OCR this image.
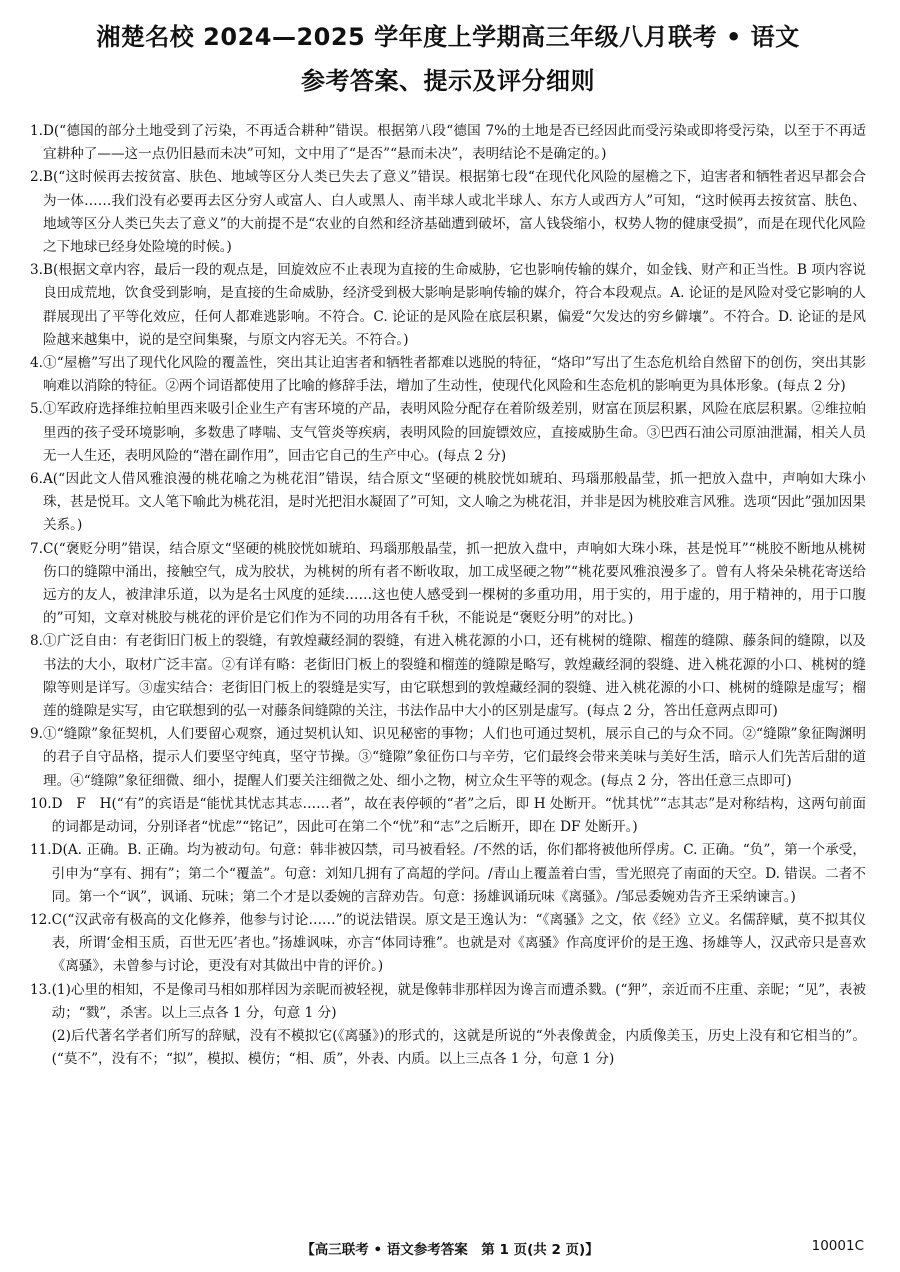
湘楚名校 2024—2025 学年度上学期高三年级八月联考 • 语文
参考答案、提示及评分细则
1. D(“德国的部分土地受到了污染，不再适合耕种”错误。根据第八段“德国 7%的土地是否已经因此而受污染或即将受污染，以至于不再适宜耕种了——这一点仍旧悬而未决”可知，文中用了“是否”“悬而未决”，表明结论不是确定的。)
2. B(“这时候再去按贫富、肤色、地域等区分人类已失去了意义”错误。根据第七段“在现代化风险的屋檐之下，迫害者和牺牲者迟早都会合为一体……我们没有必要再去区分穷人或富人、白人或黑人、南半球人或北半球人、东方人或西方人”可知，“这时候再去按贫富、肤色、地域等区分人类已失去了意义”的大前提不是“农业的自然和经济基础遭到破坏，富人钱袋缩小，权势人物的健康受损”，而是在现代化风险之下地球已经身处险境的时候。)
3. B(根据文章内容，最后一段的观点是，回旋效应不止表现为直接的生命威胁，它也影响传输的媒介，如金钱、财产和正当性。B 项内容说良田成荒地，饮食受到影响，是直接的生命威胁，经济受到极大影响是影响传输的媒介，符合本段观点。A. 论证的是风险对受它影响的人群展现出了平等化效应，任何人都难逃影响。不符合。C. 论证的是风险在底层积累，偏爱“欠发达的穷乡僻壤”。不符合。D. 论证的是风险越来越集中，说的是空间集聚，与原文内容无关。不符合。)
4. ①“屋檐”写出了现代化风险的覆盖性，突出其让迫害者和牺牲者都难以逃脱的特征，“烙印”写出了生态危机给自然留下的创伤，突出其影响难以消除的特征。②两个词语都使用了比喻的修辞手法，增加了生动性，使现代化风险和生态危机的影响更为具体形象。(每点 2 分)
5. ①军政府选择维拉帕里西来吸引企业生产有害环境的产品，表明风险分配存在着阶级差别，财富在顶层积累，风险在底层积累。②维拉帕里西的孩子受环境影响，多数患了哮喘、支气管炎等疾病，表明风险的回旋镖效应，直接威胁生命。③巴西石油公司原油泄漏，相关人员无一人生还，表明风险的“潜在副作用”，回击它自己的生产中心。(每点 2 分)
6. A(“因此文人借风雅浪漫的桃花喻之为桃花泪”错误，结合原文“坚硬的桃胶恍如琥珀、玛瑙那般晶莹，抓一把放入盘中，声响如大珠小珠，甚是悦耳。文人笔下喻此为桃花泪，是时光把泪水凝固了”可知，文人喻之为桃花泪，并非是因为桃胶难言风雅。选项“因此”强加因果关系。)
7. C(“褒贬分明”错误，结合原文“坚硬的桃胶恍如琥珀、玛瑙那般晶莹，抓一把放入盘中，声响如大珠小珠，甚是悦耳”“桃胶不断地从桃树伤口的缝隙中涌出，接触空气，成为胶状，为桃树的所有者不断收取，加工成坚硬之物”“桃花要风雅浪漫多了。曾有人将朵朵桃花寄送给远方的友人，被津津乐道，以为是名士风度的延续……这也使人感受到一棵树的多重功用，用于实的，用于虚的，用于精神的，用于口腹的”可知，文章对桃胶与桃花的评价是它们作为不同的功用各有千秋，不能说是“褒贬分明”的对比。)
8. ①广泛自由：有老街旧门板上的裂缝，有敦煌藏经洞的裂缝，有进入桃花源的小口，还有桃树的缝隙、榴莲的缝隙、藤条间的缝隙，以及书法的大小，取材广泛丰富。②有详有略：老街旧门板上的裂缝和榴莲的缝隙是略写，敦煌藏经洞的裂缝、进入桃花源的小口、桃树的缝隙等则是详写。③虚实结合：老街旧门板上的裂缝是实写，由它联想到的敦煌藏经洞的裂缝、进入桃花源的小口、桃树的缝隙是虚写；榴莲的缝隙是实写，由它联想到的弘一对藤条间缝隙的关注，书法作品中大小的区别是虚写。(每点 2 分，答出任意两点即可)
9. ①“缝隙”象征契机，人们要留心观察，通过契机认知、识见秘密的事物；人们也可通过契机，展示自己的与众不同。②“缝隙”象征陶渊明的君子自守品格，提示人们要坚守纯真，坚守节操。③“缝隙”象征伤口与辛劳，它们最终会带来美味与美好生活，暗示人们先苦后甜的道理。④“缝隙”象征细微、细小，提醒人们要关注细微之处、细小之物，树立众生平等的观念。(每点 2 分，答出任意三点即可)
10. D　F　H(“有”的宾语是“能忧其忧志其志……者”，故在表停顿的“者”之后，即 H 处断开。“忧其忧”“志其志”是对称结构，这两句前面的词都是动词，分别译者“忧虑”“铭记”，因此可在第二个“忧”和“志”之后断开，即在 DF 处断开。)
11. D(A. 正确。B. 正确。均为被动句。句意：韩非被囚禁，司马被看轻。/不然的话，你们都将被他所俘虏。C. 正确。“负”，第一个承受，引申为“享有、拥有”；第二个“覆盖”。句意：刘知几拥有了高超的学问。/青山上覆盖着白雪，雪光照亮了南面的天空。D. 错误。二者不同。第一个“讽”，讽诵、玩味；第二个才是以委婉的言辞劝告。句意：扬雄讽诵玩味《离骚》。/邹忌委婉劝告齐王采纳谏言。)
12. C(“汉武帝有极高的文化修养，他参与讨论……”的说法错误。原文是王逸认为：“《离骚》之文，依《经》立义。名儒辞赋，莫不拟其仪表，所谓‘金相玉质，百世无匹’者也。”扬雄讽味，亦言“体同诗雅”。也就是对《离骚》作高度评价的是王逸、扬雄等人，汉武帝只是喜欢《离骚》，未曾参与讨论，更没有对其做出中肯的评价。)
13. (1)心里的相知，不是像司马相如那样因为亲昵而被轻视，就是像韩非那样因为谗言而遭杀戮。(“狎”，亲近而不庄重、亲昵；“见”，表被动；“戮”，杀害。以上三点各 1 分，句意 1 分)
(2)后代著名学者们所写的辞赋，没有不模拟它(《离骚》)的形式的，这就是所说的“外表像黄金，内质像美玉，历史上没有和它相当的”。(“莫不”，没有不；“拟”，模拟、模仿；“相、质”，外表、内质。以上三点各 1 分，句意 1 分)
【高三联考 • 语文参考答案　第 1 页(共 2 页)】	10001C
